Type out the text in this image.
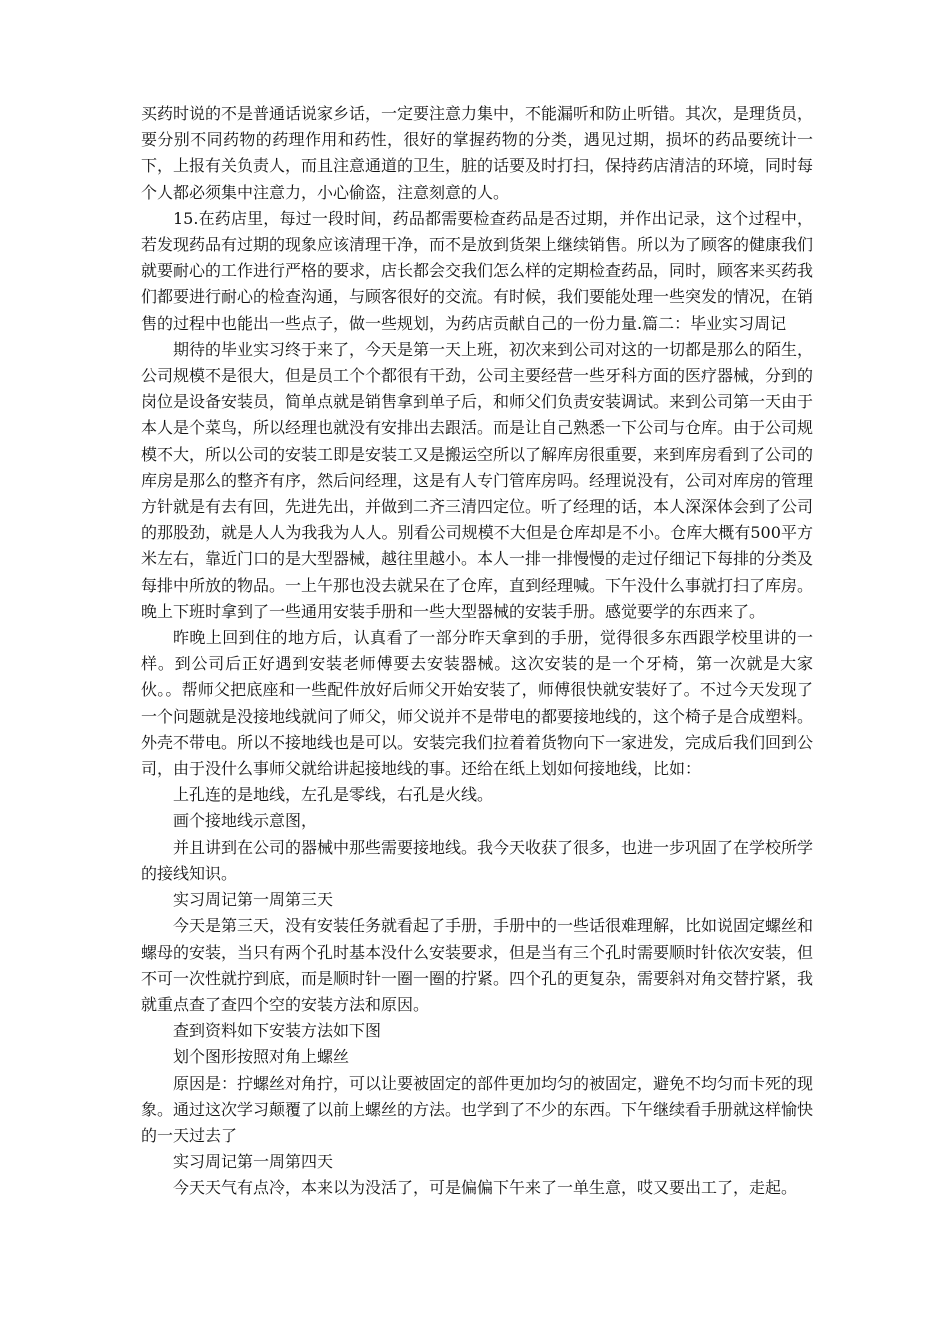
买药时说的不是普通话说家乡话，一定要注意力集中，不能漏听和防止听错。其次，是理货员，要分别不同药物的药理作用和药性，很好的掌握药物的分类，遇见过期，损坏的药品要统计一下，上报有关负责人，而且注意通道的卫生，脏的话要及时打扫，保持药店清洁的环境，同时每个人都必须集中注意力，小心偷盗，注意刻意的人。

15.在药店里，每过一段时间，药品都需要检查药品是否过期，并作出记录，这个过程中，若发现药品有过期的现象应该清理干净，而不是放到货架上继续销售。所以为了顾客的健康我们就要耐心的工作进行严格的要求，店长都会交我们怎么样的定期检查药品，同时，顾客来买药我们都要进行耐心的检查沟通，与顾客很好的交流。有时候，我们要能处理一些突发的情况，在销售的过程中也能出一些点子，做一些规划，为药店贡献自己的一份力量.篇二：毕业实习周记

期待的毕业实习终于来了，今天是第一天上班，初次来到公司对这的一切都是那么的陌生，公司规模不是很大，但是员工个个都很有干劲，公司主要经营一些牙科方面的医疗器械，分到的岗位是设备安装员，简单点就是销售拿到单子后，和师父们负责安装调试。来到公司第一天由于本人是个菜鸟，所以经理也就没有安排出去跟活。而是让自己熟悉一下公司与仓库。由于公司规模不大，所以公司的安装工即是安装工又是搬运空所以了解库房很重要，来到库房看到了公司的库房是那么的整齐有序，然后问经理，这是有人专门管库房吗。经理说没有，公司对库房的管理方针就是有去有回，先进先出，并做到二齐三清四定位。听了经理的话，本人深深体会到了公司的那股劲，就是人人为我我为人人。别看公司规模不大但是仓库却是不小。仓库大概有500平方米左右，靠近门口的是大型器械，越往里越小。本人一排一排慢慢的走过仔细记下每排的分类及每排中所放的物品。一上午那也没去就呆在了仓库，直到经理喊。下午没什么事就打扫了库房。晚上下班时拿到了一些通用安装手册和一些大型器械的安装手册。感觉要学的东西来了。

昨晚上回到住的地方后，认真看了一部分昨天拿到的手册，觉得很多东西跟学校里讲的一样。到公司后正好遇到安装老师傅要去安装器械。这次安装的是一个牙椅，第一次就是大家伙。。帮师父把底座和一些配件放好后师父开始安装了，师傅很快就安装好了。不过今天发现了一个问题就是没接地线就问了师父，师父说并不是带电的都要接地线的，这个椅子是合成塑料。外壳不带电。所以不接地线也是可以。安装完我们拉着着货物向下一家进发，完成后我们回到公司，由于没什么事师父就给讲起接地线的事。还给在纸上划如何接地线，比如：

上孔连的是地线，左孔是零线，右孔是火线。

画个接地线示意图，

并且讲到在公司的器械中那些需要接地线。我今天收获了很多，也进一步巩固了在学校所学的接线知识。

实习周记第一周第三天

今天是第三天，没有安装任务就看起了手册，手册中的一些话很难理解，比如说固定螺丝和螺母的安装，当只有两个孔时基本没什么安装要求，但是当有三个孔时需要顺时针依次安装，但不可一次性就拧到底，而是顺时针一圈一圈的拧紧。四个孔的更复杂，需要斜对角交替拧紧，我就重点查了查四个空的安装方法和原因。

查到资料如下安装方法如下图

划个图形按照对角上螺丝

原因是：拧螺丝对角拧，可以让要被固定的部件更加均匀的被固定，避免不均匀而卡死的现象。通过这次学习颠覆了以前上螺丝的方法。也学到了不少的东西。下午继续看手册就这样愉快的一天过去了

实习周记第一周第四天

今天天气有点冷，本来以为没活了，可是偏偏下午来了一单生意，哎又要出工了，走起。
